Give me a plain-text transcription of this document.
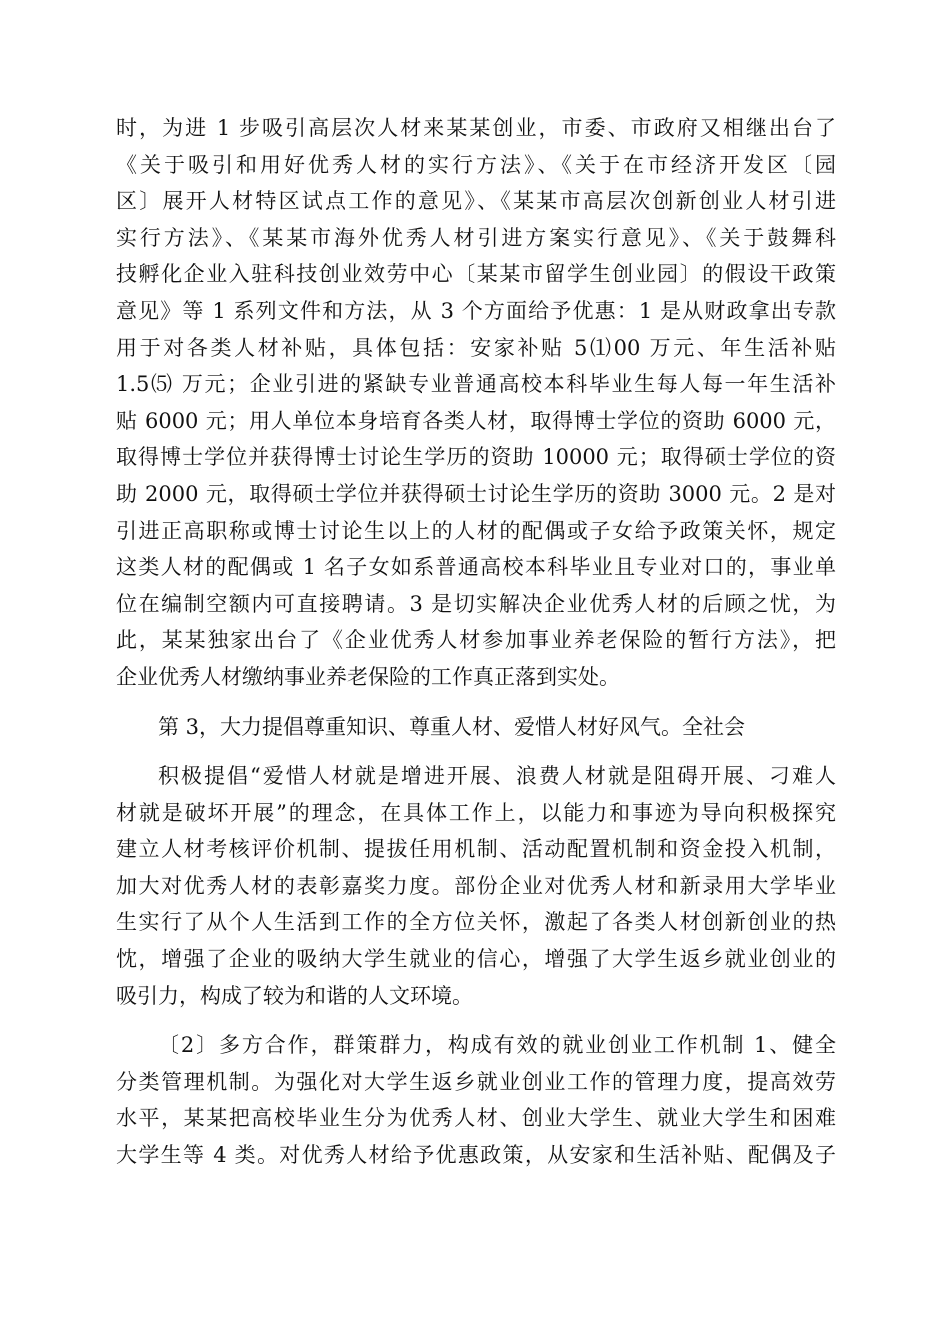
时，为进 1 步吸引高层次人材来某某创业，市委、市政府又相继出台了
《关于吸引和用好优秀人材的实行方法》、《关于在市经济开发区〔园
区〕展开人材特区试点工作的意见》、《某某市高层次创新创业人材引进
实行方法》、《某某市海外优秀人材引进方案实行意见》、《关于鼓舞科
技孵化企业入驻科技创业效劳中心〔某某市留学生创业园〕的假设干政策
意见》等 1 系列文件和方法，从 3 个方面给予优惠：1 是从财政拿出专款
用于对各类人材补贴，具体包括：安家补贴 5⑴00 万元、年生活补贴
1.5⑸ 万元；企业引进的紧缺专业普通高校本科毕业生每人每一年生活补
贴 6000 元；用人单位本身培育各类人材，取得博士学位的资助 6000 元，
取得博士学位并获得博士讨论生学历的资助 10000 元；取得硕士学位的资
助 2000 元，取得硕士学位并获得硕士讨论生学历的资助 3000 元。2 是对
引进正高职称或博士讨论生以上的人材的配偶或子女给予政策关怀，规定
这类人材的配偶或 1 名子女如系普通高校本科毕业且专业对口的，事业单
位在编制空额内可直接聘请。3 是切实解决企业优秀人材的后顾之忧，为
此，某某独家出台了《企业优秀人材参加事业养老保险的暂行方法》，把
企业优秀人材缴纳事业养老保险的工作真正落到实处。
第 3，大力提倡尊重知识、尊重人材、爱惜人材好风气。全社会
积极提倡“爱惜人材就是增进开展、浪费人材就是阻碍开展、刁难人
材就是破坏开展”的理念，在具体工作上，以能力和事迹为导向积极探究
建立人材考核评价机制、提拔任用机制、活动配置机制和资金投入机制，
加大对优秀人材的表彰嘉奖力度。部份企业对优秀人材和新录用大学毕业
生实行了从个人生活到工作的全方位关怀，激起了各类人材创新创业的热
忱，增强了企业的吸纳大学生就业的信心，增强了大学生返乡就业创业的
吸引力，构成了较为和谐的人文环境。
〔2〕多方合作，群策群力，构成有效的就业创业工作机制 1、健全
分类管理机制。为强化对大学生返乡就业创业工作的管理力度，提高效劳
水平，某某把高校毕业生分为优秀人材、创业大学生、就业大学生和困难
大学生等 4 类。对优秀人材给予优惠政策，从安家和生活补贴、配偶及子
